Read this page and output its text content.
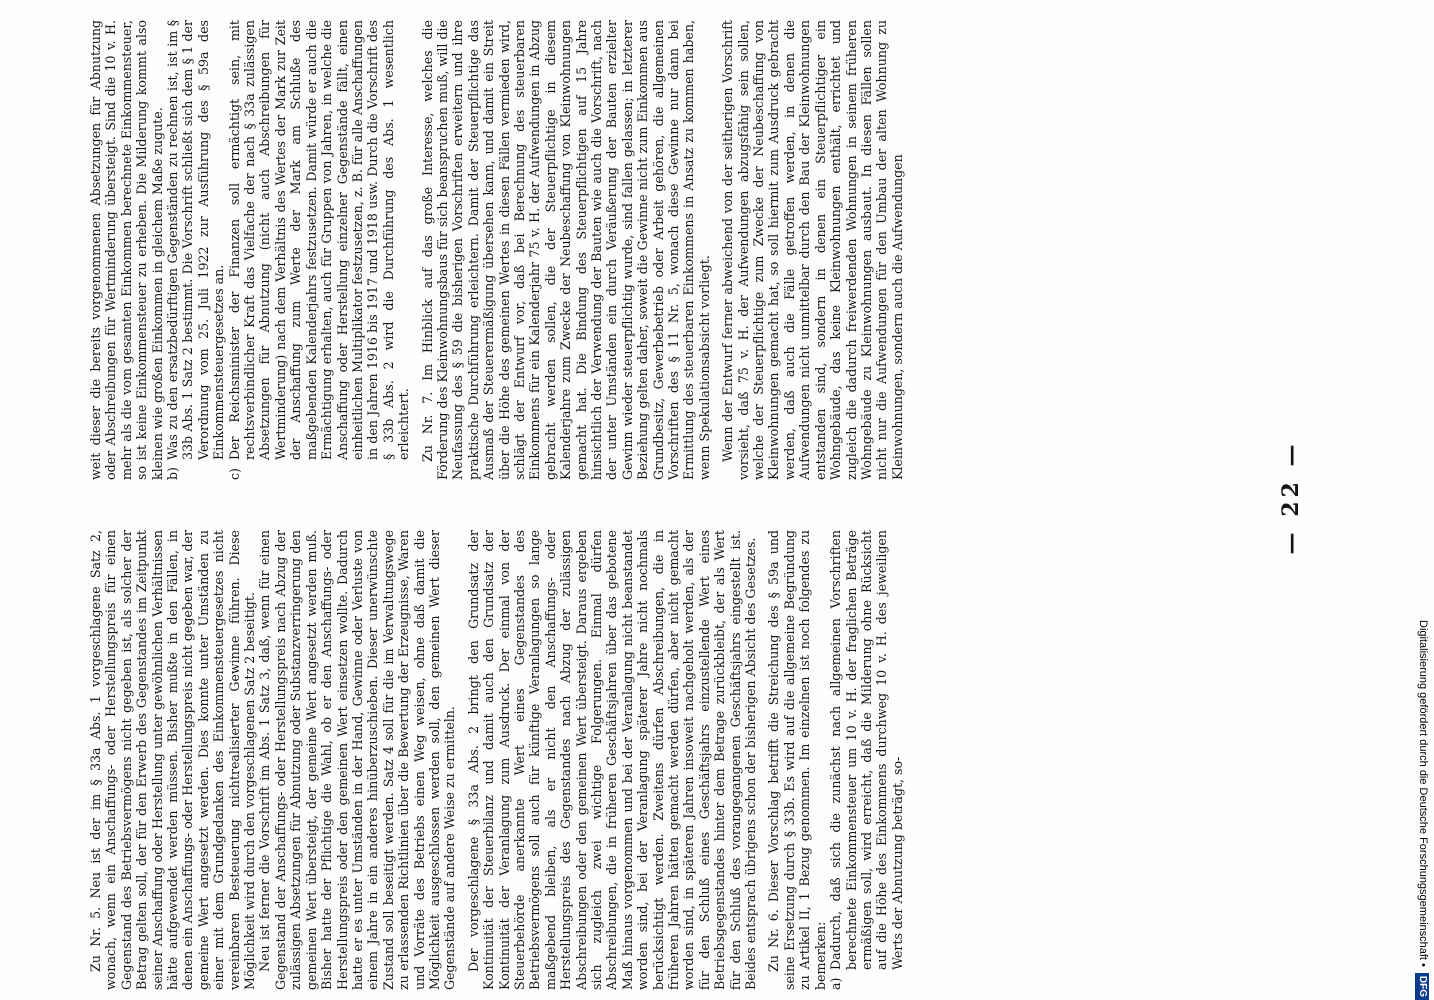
— 22 —

Zu Nr. 5. Neu ist der im § 33a Abs. 1 vorgeschlagene Satz 2, wonach, wenn ein Anschaffungs- oder Herstellungspreis für einen Gegenstand des Betriebsvermögens nicht gegeben ist, als solcher der Betrag gelten soll, der für den Erwerb des Gegenstandes im Zeitpunkt seiner Anschaffung oder Herstellung unter gewöhnlichen Verhältnissen hätte aufgewendet werden müssen. Bisher mußte in den Fällen, in denen ein Anschaffungs- oder Herstellungspreis nicht gegeben war, der gemeine Wert angesetzt werden. Dies konnte unter Umständen zu einer mit dem Grundgedanken des Einkommensteuergesetzes nicht vereinbaren Besteuerung nichtrealisierter Gewinne führen. Diese Möglichkeit wird durch den vorgeschlagenen Satz 2 beseitigt. Neu ist ferner die Vorschrift im Abs. 1 Satz 3, daß, wenn für einen Gegenstand der Anschaffungs- oder Herstellungspreis nach Abzug der zulässigen Absetzungen für Abnutzung oder Substanzverringerung den gemeinen Wert übersteigt, der gemeine Wert angesetzt werden muß. Bisher hatte der Pflichtige die Wahl, ob er den Anschaffungs- oder Herstellungspreis oder den gemeinen Wert einsetzen wollte. Dadurch hatte er es unter Umständen in der Hand, Gewinne oder Verluste von einem Jahre in ein anderes hinüberzuschieben. Dieser unerwünschte Zustand soll beseitigt werden. Satz 4 soll für die im Verwaltungswege zu erlassenden Richtlinien über die Bewertung der Erzeugnisse, Waren und Vorräte des Betriebs einen Weg weisen, ohne daß damit die Möglichkeit ausgeschlossen werden soll, den gemeinen Wert dieser Gegenstände auf andere Weise zu ermitteln. Der vorgeschlagene § 33a Abs. 2 bringt den Grundsatz der Kontinuität der Steuerbilanz und damit auch den Grundsatz der Kontinuität der Veranlagung zum Ausdruck. Der einmal von der Steuerbehörde anerkannte Wert eines Gegenstandes des Betriebsvermögens soll auch für künftige Veranlagungen so lange maßgebend bleiben, als er nicht den Anschaffungs- oder Herstellungspreis des Gegenstandes nach Abzug der zulässigen Abschreibungen oder den gemeinen Wert übersteigt. Daraus ergeben sich zugleich zwei wichtige Folgerungen. Einmal dürfen Abschreibungen, die in früheren Geschäftsjahren über das gebotene Maß hinaus vorgenommen und bei der Veranlagung nicht beanstandet worden sind, bei der Veranlagung späterer Jahre nicht nochmals berücksichtigt werden. Zweitens dürfen Abschreibungen, die in früheren Jahren hätten gemacht werden dürfen, aber nicht gemacht worden sind, in späteren Jahren insoweit nachgeholt werden, als der für den Schluß eines Geschäftsjahrs einzustellende Wert eines Betriebsgegenstandes hinter dem Betrage zurückbleibt, der als Wert für den Schluß des vorangegangenen Geschäftsjahrs eingestellt ist. Beides entsprach übrigens schon der bisherigen Absicht des Gesetzes. Zu Nr. 6. Dieser Vorschlag betrifft die Streichung des § 59a und seine Ersetzung durch § 33b. Es wird auf die allgemeine Begründung zu Artikel II, 1 Bezug genommen. Im einzelnen ist noch folgendes zu bemerken: a)
Dadurch, daß sich die zunächst nach allgemeinen Vorschriften berechnete Einkommensteuer um 10 v. H. der fraglichen Beträge ermäßigen soll, wird erreicht, daß die Milderung ohne Rücksicht auf die Höhe des Einkommens durchweg 10 v. H. des jeweiligen Werts der Abnutzung beträgt, so-

weit dieser die bereits vorgenommenen Absetzungen für Abnutzung oder Abschreibungen für Wertminderung übersteigt. Sind die 10 v. H. mehr als die vom gesamten Einkommen berechnete Einkommensteuer, so ist keine Einkommensteuer zu erheben. Die Milderung kommt also kleinen wie großen Einkommen in gleichem Maße zugute. b)
Was zu den ersatzbedürftigen Gegenständen zu rechnen ist, ist im § 33b Abs. 1 Satz 2 bestimmt. Die Vorschrift schließt sich dem § 1 der Verordnung vom 25. Juli 1922 zur Ausführung des § 59a des Einkommensteuergesetzes an.

c)
Der Reichsminister der Finanzen soll ermächtigt sein, mit rechtsverbindlicher Kraft das Vielfache der nach § 33a zulässigen Absetzungen für Abnutzung (nicht auch Abschreibungen für Wertminderung) nach dem Verhältnis des Wertes der Mark zur Zeit der Anschaffung zum Werte der Mark am Schluße des maßgebenden Kalenderjahrs festzusetzen. Damit würde er auch die Ermächtigung erhalten, auch für Gruppen von Jahren, in welche die Anschaffung oder Herstellung einzelner Gegenstände fällt, einen einheitlichen Multiplikator festzusetzen, z. B. für alle Anschaffungen in den Jahren 1916 bis 1917 und 1918 usw. Durch die Vorschrift des § 33b Abs. 2 wird die Durchführung des Abs. 1 wesentlich erleichtert. Zu Nr. 7. Im Hinblick auf das große Interesse, welches die Förderung des Kleinwohnungsbaus für sich beanspruchen muß, will die Neufassung des § 59 die bisherigen Vorschriften erweitern und ihre praktische Durchführung erleichtern. Damit der Steuerpflichtige das Ausmaß der Steuerermäßigung übersehen kann, und damit ein Streit über die Höhe des gemeinen Wertes in diesen Fällen vermieden wird, schlägt der Entwurf vor, daß bei Berechnung des steuerbaren Einkommens für ein Kalenderjahr 75 v. H. der Aufwendungen in Abzug gebracht werden sollen, die der Steuerpflichtige in diesem Kalenderjahre zum Zwecke der Neubeschaffung von Kleinwohnungen gemacht hat. Die Bindung des Steuerpflichtigen auf 15 Jahre hinsichtlich der Verwendung der Bauten wie auch die Vorschrift, nach der unter Umständen ein durch Veräußerung der Bauten erzielter Gewinn wieder steuerpflichtig wurde, sind fallen gelassen; in letzterer Beziehung gelten daher, soweit die Gewinne nicht zum Einkommen aus Grundbesitz, Gewerbebetrieb oder Arbeit gehören, die allgemeinen Vorschriften des § 11 Nr. 5, wonach diese Gewinne nur dann bei Ermittlung des steuerbaren Einkommens in Ansatz zu kommen haben, wenn Spekulationsabsicht vorliegt. Wenn der Entwurf ferner abweichend von der seitherigen Vorschrift vorsieht, daß 75 v. H. der Aufwendungen abzugsfähig sein sollen, welche der Steuerpflichtige zum Zwecke der Neubeschaffung von Kleinwohnungen gemacht hat, so soll hiermit zum Ausdruck gebracht werden, daß auch die Fälle getroffen werden, in denen die Aufwendungen nicht unmittelbar durch den Bau der Kleinwohnungen entstanden sind, sondern in denen ein Steuerpflichtiger ein Wohngebäude, das keine Kleinwohnungen enthält, errichtet und zugleich die dadurch freiwerdenden Wohnungen in seinem früheren Wohngebäude zu Kleinwohnungen ausbaut. In diesen Fällen sollen nicht nur die Aufwendungen für den Umbau der alten Wohnung zu Kleinwohnungen, sondern auch die Aufwendungen

Digitalisierung gefördert durch die Deutsche Forschungsgemeinschaft •DFG
